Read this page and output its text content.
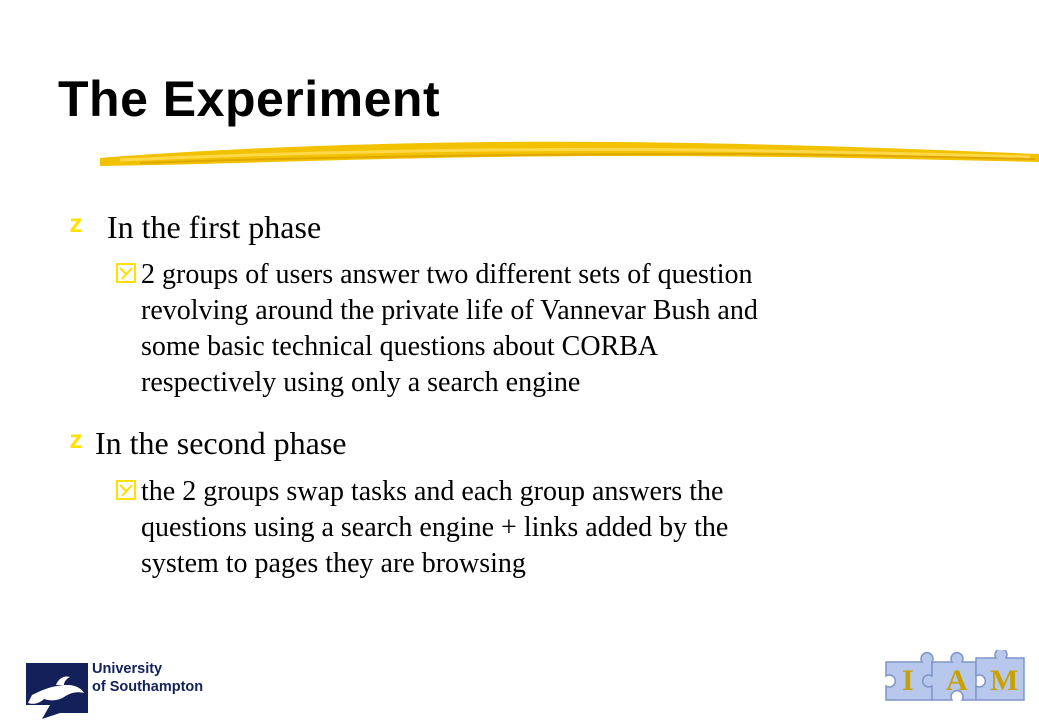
The Experiment
z In the first phase
2 groups of users answer two different sets of question
revolving around the private life of Vannevar Bush and
some basic technical questions about CORBA
respectively using only a search engine
z In the second phase
the 2 groups swap tasks and each group answers the
questions using a search engine + links added by the
system to pages they are browsing
University
of Southampton	I A M
